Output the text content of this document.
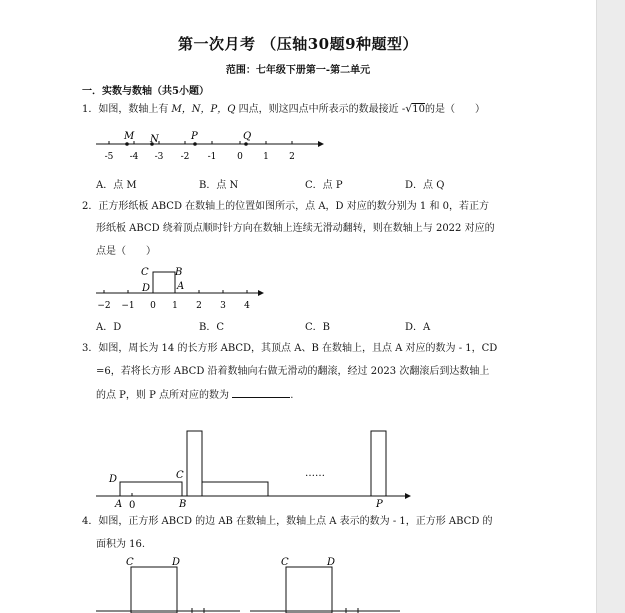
第一次月考 （压轴30题9种题型）
范围：七年级下册第一-第二单元
一．实数与数轴（共5小题）
1．如图，数轴上有 M，N，P，Q 四点，则这四点中所表示的数最接近 -√10的是（　　）
M N	P	Q
-5 -4 -3 -2 -1 0 1 2
C	B
D	A
−2 −1 0 1 2 3 4
D	C
A 0	B	P
……
C	D	C	D
A．点 M	B．点 N	C．点 P	D．点 Q
2．正方形纸板 ABCD 在数轴上的位置如图所示，点 A，D 对应的数分别为 1 和 0，若正方
形纸板 ABCD 绕着顶点顺时针方向在数轴上连续无滑动翻转，则在数轴上与 2022 对应的
点是（　　）
A．D	B．C	C．B	D．A
3．如图，周长为 14 的长方形 ABCD，其顶点 A、B 在数轴上，且点 A 对应的数为 - 1，CD
=6，若将长方形 ABCD 沿着数轴向右做无滑动的翻滚，经过 2023 次翻滚后到达数轴上
的点 P，则 P 点所对应的数为	.
4．如图，正方形 ABCD 的边 AB 在数轴上，数轴上点 A 表示的数为 - 1，正方形 ABCD 的
面积为 16.
